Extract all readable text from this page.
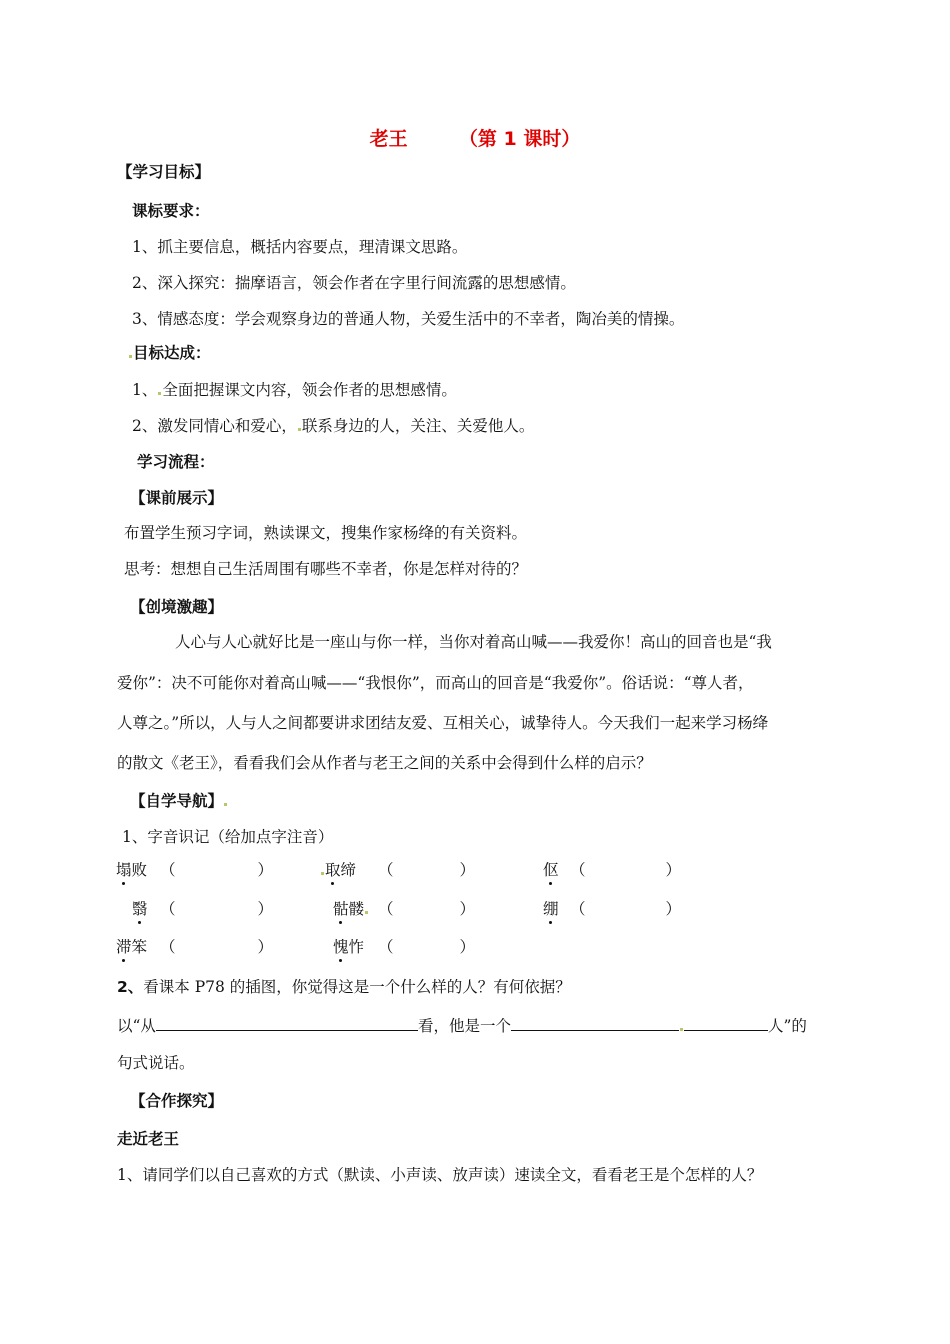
老王	（第 1 课时）
【学习目标】
课标要求：
1、抓主要信息，概括内容要点，理清课文思路。
2、深入探究：揣摩语言，领会作者在字里行间流露的思想感情。
3、情感态度：学会观察身边的普通人物，关爱生活中的不幸者，陶冶美的情操。
目标达成：
1、 全面把握课文内容，领会作者的思想感情。
2、激发同情心和爱心， 联系身边的人，关注、关爱他人。
学习流程：
【课前展示】
布置学生预习字词，熟读课文，搜集作家杨绛的有关资料。
思考：想想自己生活周围有哪些不幸者，你是怎样对待的？
【创境激趣】
人心与人心就好比是一座山与你一样，当你对着高山喊——我爱你！高山的回音也是“我
爱你”：决不可能你对着高山喊——“我恨你”，而高山的回音是“我爱你”。俗话说：“尊人者，
人尊之。”所以，人与人之间都要讲求团结友爱、互相关心，诚挚待人。今天我们一起来学习杨绛
的散文《老王》，看看我们会从作者与老王之间的关系中会得到什么样的启示？
【自学导航】
1、字音识记（给加点字注音）
塌败 （	）	取缔 （	）	伛 （	）
翳 （	）	骷髅 （	）	绷 （	）
滞笨 （	）	愧怍 （	）
2、看课本 P78 的插图，你觉得这是一个什么样的人？有何依据？
以“从	看，他是一个	人”的
句式说话。
【合作探究】
走近老王
1、请同学们以自己喜欢的方式（默读、小声读、放声读）速读全文，看看老王是个怎样的人？
